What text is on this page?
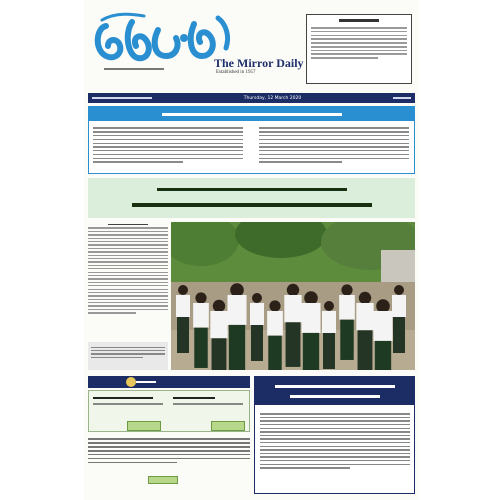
The Mirror Daily
Established in 1957
Thursday, 12 March 2020
